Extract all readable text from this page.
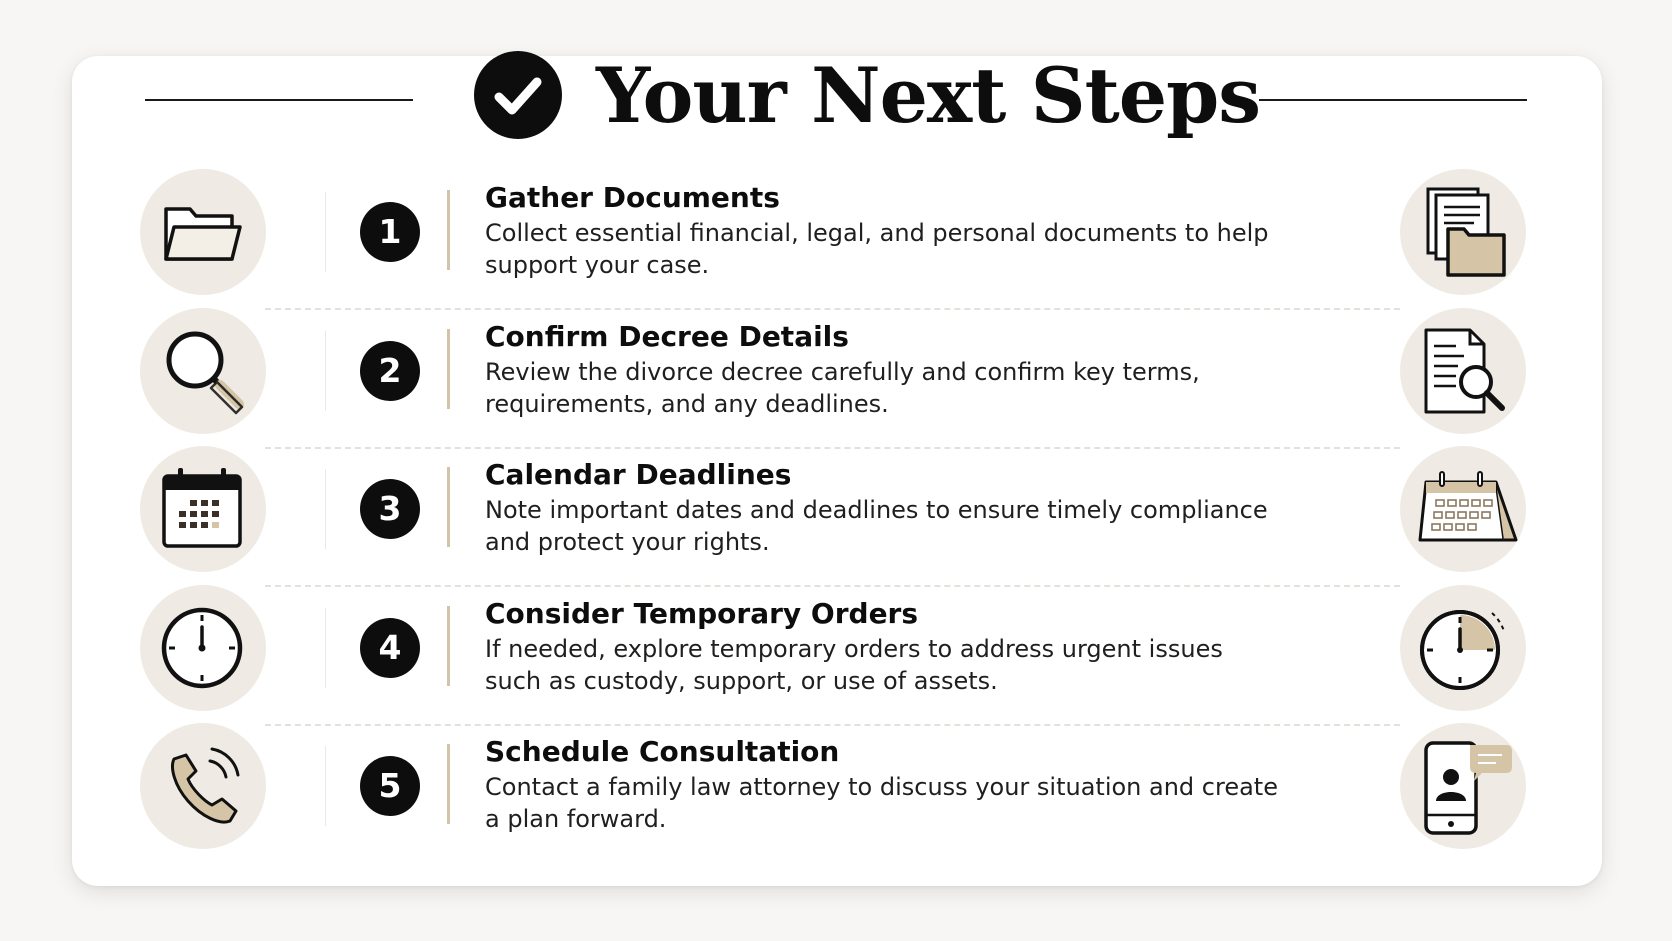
Your Next Steps
1
Gather Documents
Collect essential financial, legal, and personal documents to help support your case.
2
Confirm Decree Details
Review the divorce decree carefully and confirm key terms, requirements, and any deadlines.
3
Calendar Deadlines
Note important dates and deadlines to ensure timely compliance and protect your rights.
4
Consider Temporary Orders
If needed, explore temporary orders to address urgent issues such as custody, support, or use of assets.
5
Schedule Consultation
Contact a family law attorney to discuss your situation and create a plan forward.
